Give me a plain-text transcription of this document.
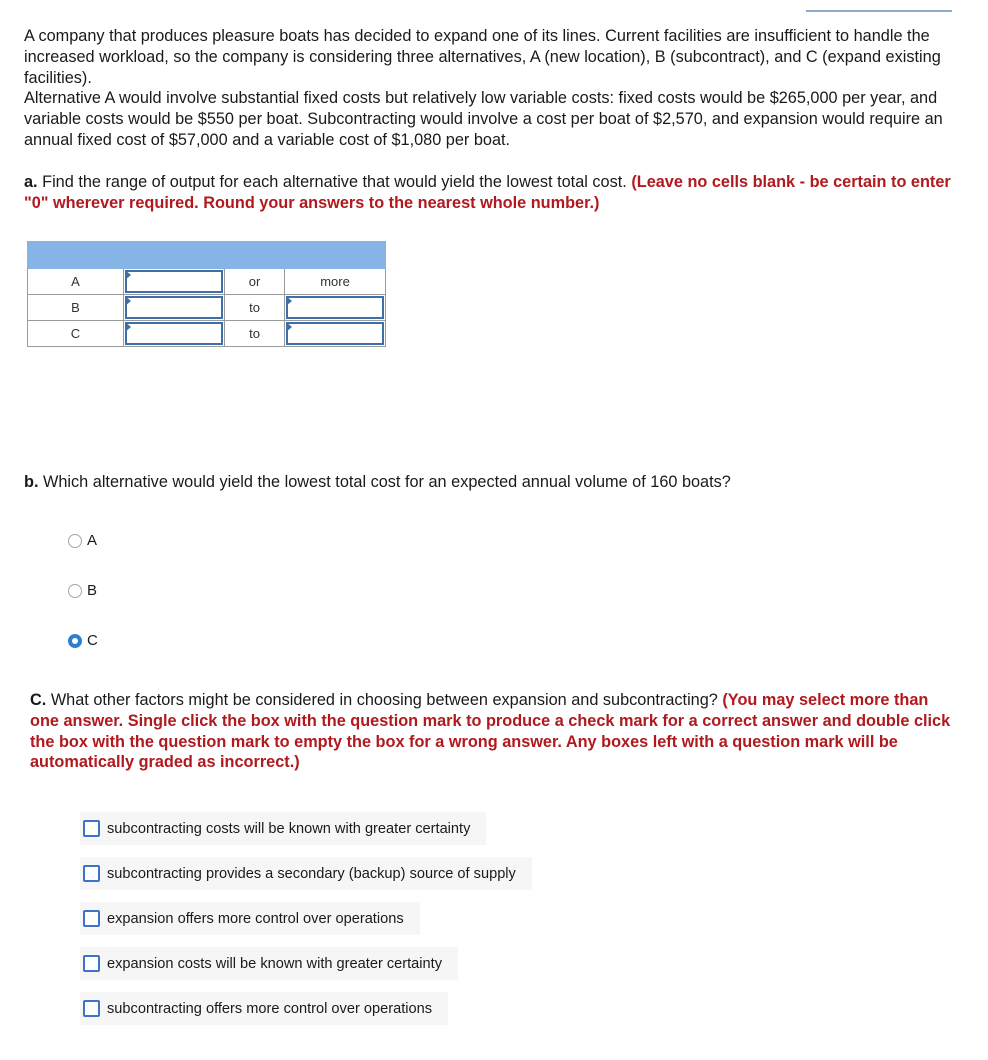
A company that produces pleasure boats has decided to expand one of its lines. Current facilities are insufficient to handle the increased workload, so the company is considering three alternatives, A (new location), B (subcontract), and C (expand existing facilities).

Alternative A would involve substantial fixed costs but relatively low variable costs: fixed costs would be $265,000 per year, and variable costs would be $550 per boat. Subcontracting would involve a cost per boat of $2,570, and expansion would require an annual fixed cost of $57,000 and a variable cost of $1,080 per boat.

a. Find the range of output for each alternative that would yield the lowest total cost. (Leave no cells blank - be certain to enter "0" wherever required. Round your answers to the nearest whole number.)

A		or	more
B		to	

C		to	
b. Which alternative would yield the lowest total cost for an expected annual volume of 160 boats?
A
B
C
C. What other factors might be considered in choosing between expansion and subcontracting? (You may select more than one answer. Single click the box with the question mark to produce a check mark for a correct answer and double click the box with the question mark to empty the box for a wrong answer. Any boxes left with a question mark will be automatically graded as incorrect.)
subcontracting costs will be known with greater certainty
subcontracting provides a secondary (backup) source of supply
expansion offers more control over operations
expansion costs will be known with greater certainty
subcontracting offers more control over operations
